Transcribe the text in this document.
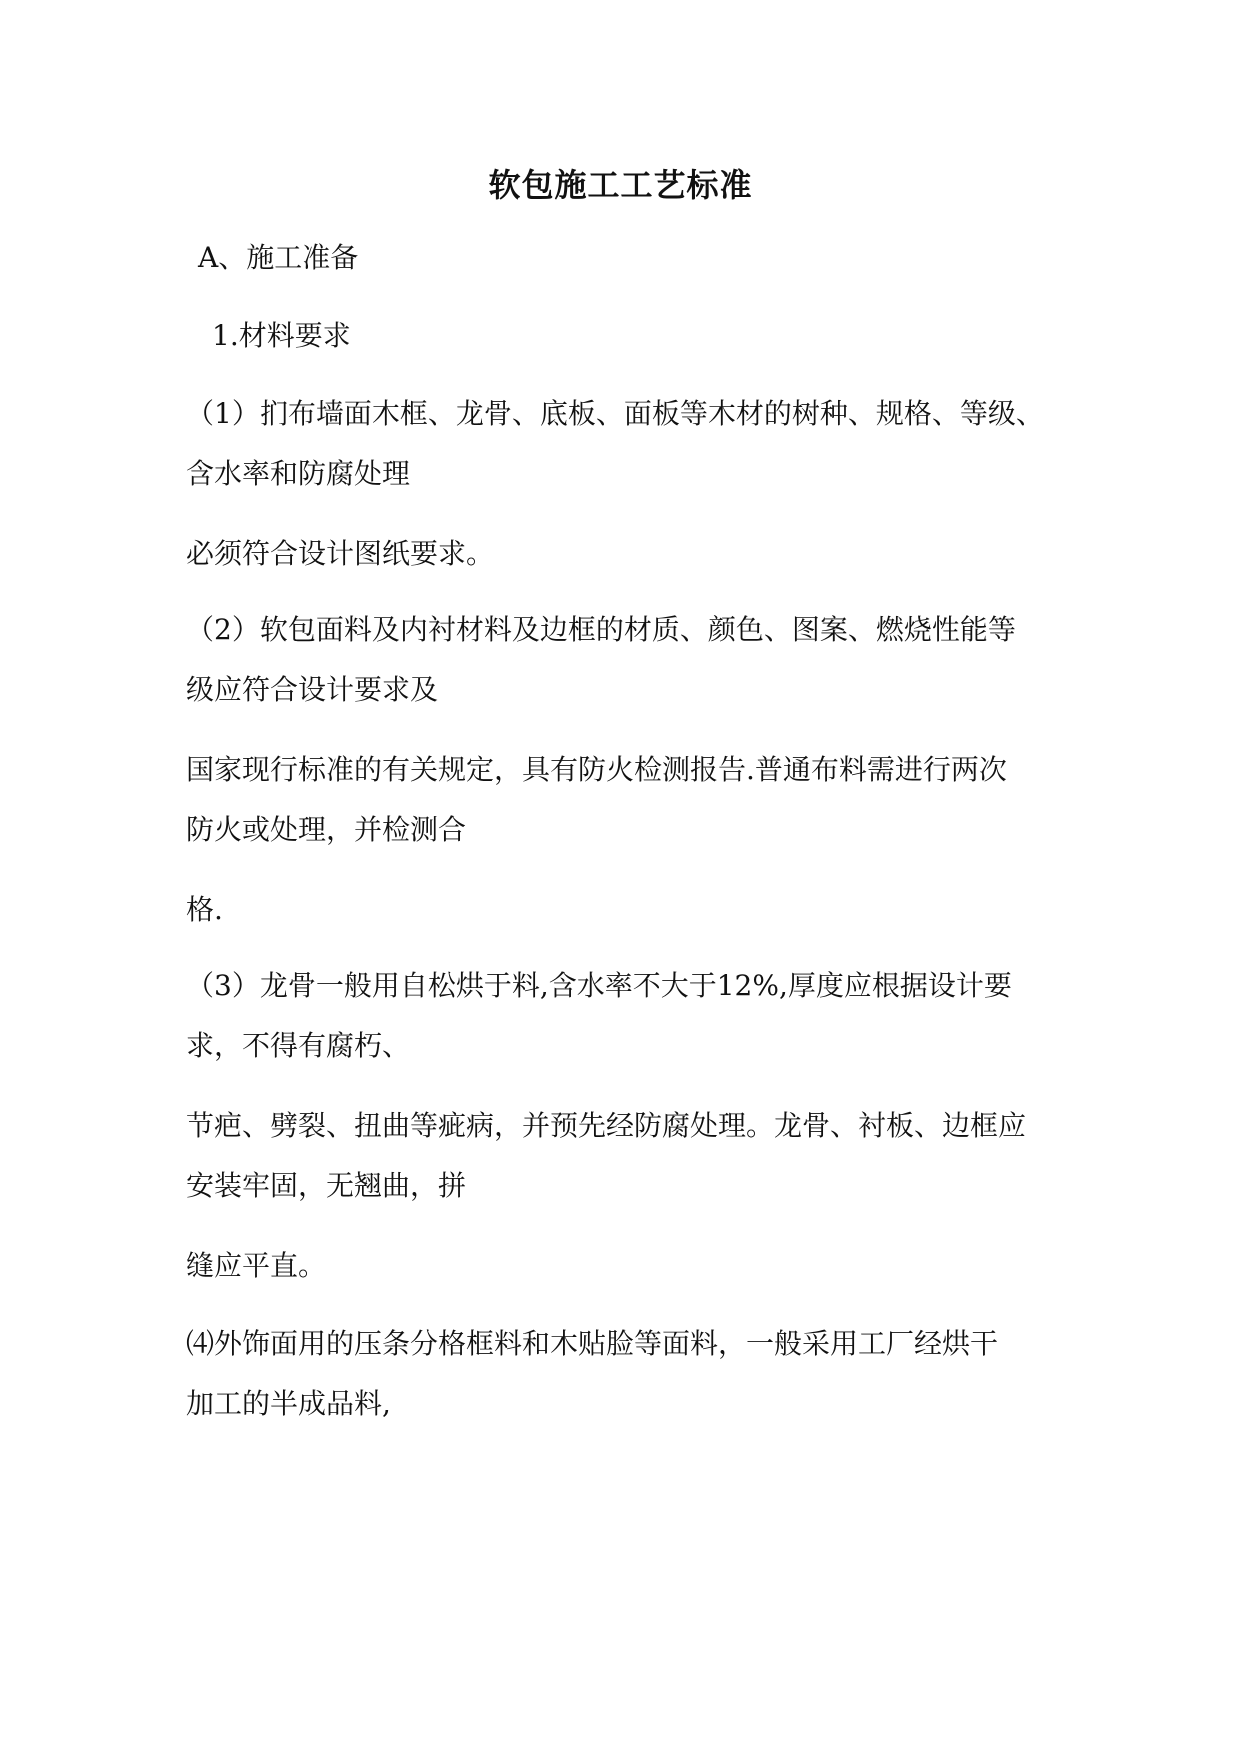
软包施工工艺标准
A、施工准备
1.材料要求
（1）扪布墙面木框、龙骨、底板、面板等木材的树种、规格、等级、
含水率和防腐处理
必须符合设计图纸要求。
（2）软包面料及内衬材料及边框的材质、颜色、图案、燃烧性能等
级应符合设计要求及
国家现行标准的有关规定，具有防火检测报告.普通布料需进行两次
防火或处理，并检测合
格.
（3）龙骨一般用自松烘于料,含水率不大于12%,厚度应根据设计要
求，不得有腐朽、
节疤、劈裂、扭曲等疵病，并预先经防腐处理。龙骨、衬板、边框应
安装牢固，无翘曲，拼
缝应平直。
⑷外饰面用的压条分格框料和木贴脸等面料，一般采用工厂经烘干
加工的半成品料,
